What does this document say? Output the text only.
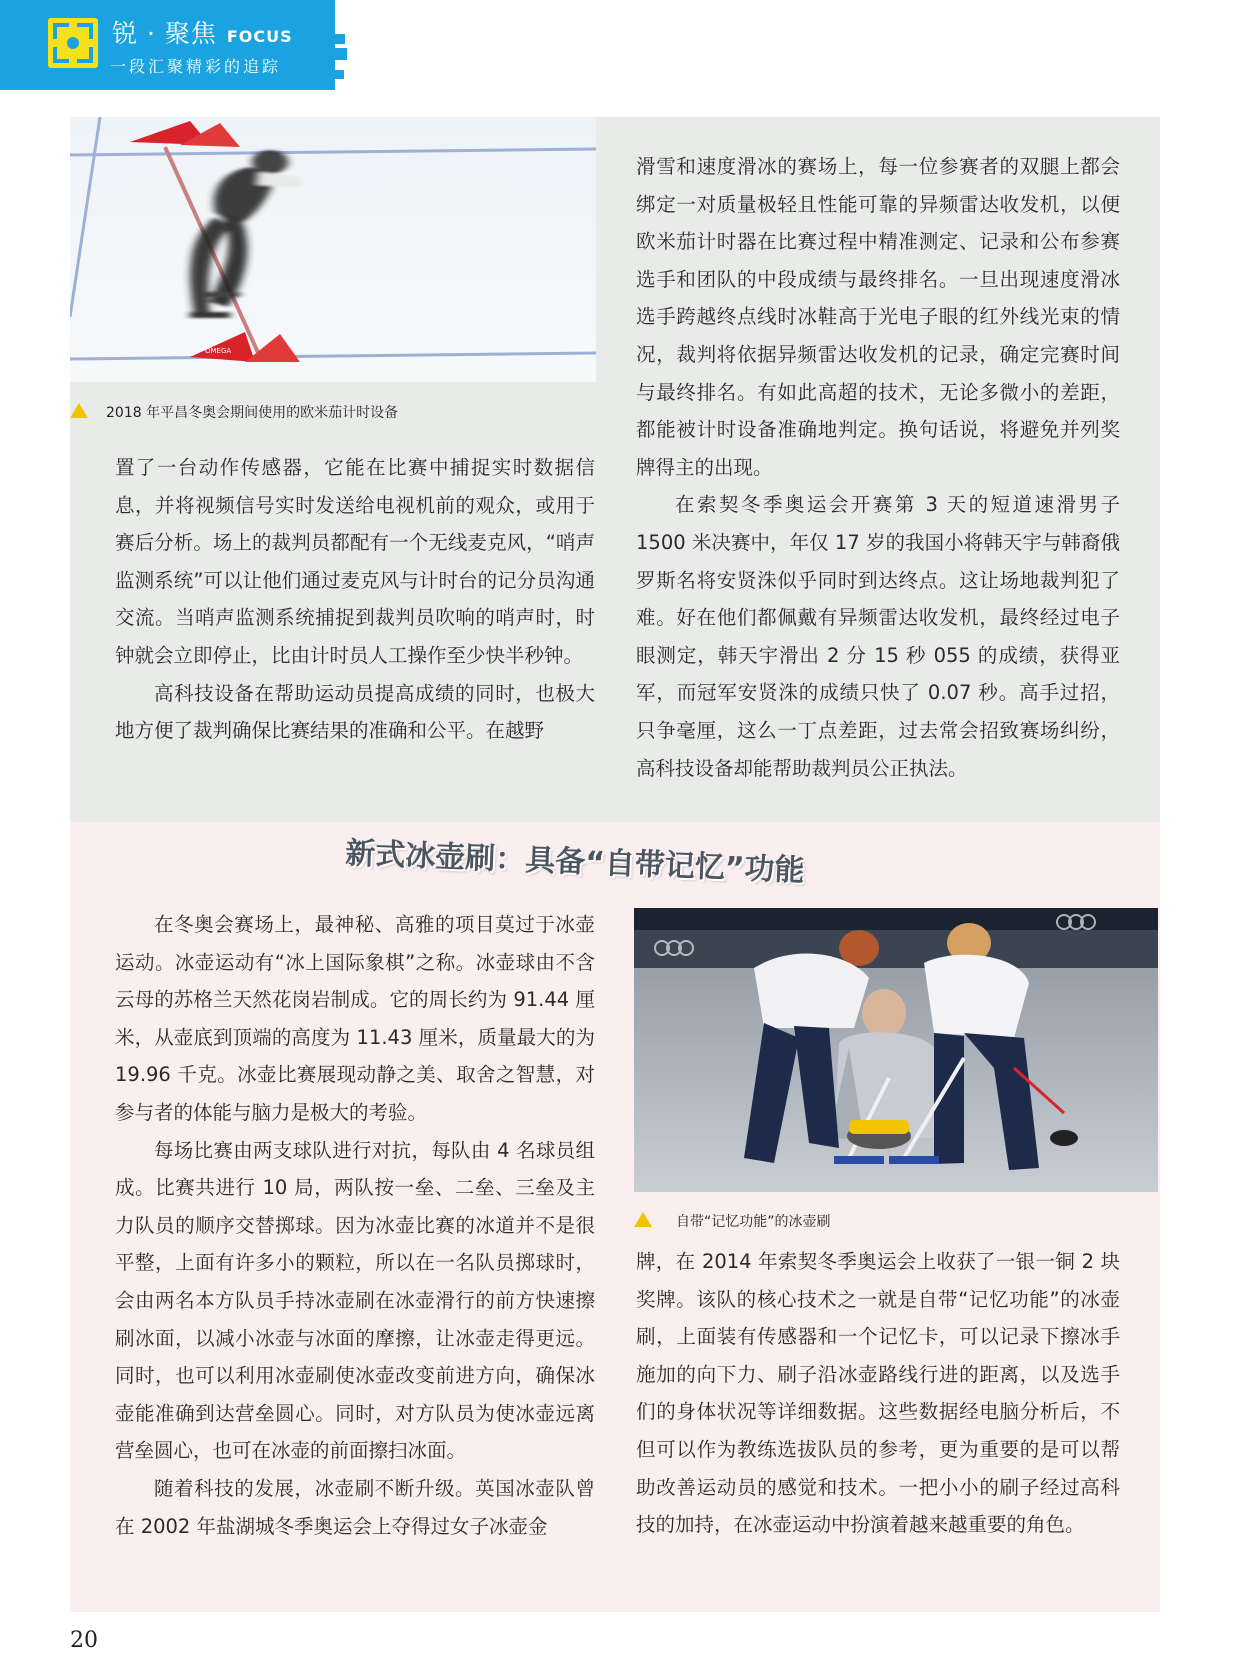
锐 · 聚焦 FOCUS
一段汇聚精彩的追踪
OMEGA
2018 年平昌冬奥会期间使用的欧米茄计时设备

置了一台动作传感器，它能在比赛中捕捉实时数据信息，并将视频信号实时发送给电视机前的观众，或用于赛后分析。场上的裁判员都配有一个无线麦克风，“哨声监测系统”可以让他们通过麦克风与计时台的记分员沟通交流。当哨声监测系统捕捉到裁判员吹响的哨声时，时钟就会立即停止，比由计时员人工操作至少快半秒钟。

高科技设备在帮助运动员提高成绩的同时，也极大地方便了裁判确保比赛结果的准确和公平。在越野

滑雪和速度滑冰的赛场上，每一位参赛者的双腿上都会绑定一对质量极轻且性能可靠的异频雷达收发机，以便欧米茄计时器在比赛过程中精准测定、记录和公布参赛选手和团队的中段成绩与最终排名。一旦出现速度滑冰选手跨越终点线时冰鞋高于光电子眼的红外线光束的情况，裁判将依据异频雷达收发机的记录，确定完赛时间与最终排名。有如此高超的技术，无论多微小的差距，都能被计时设备准确地判定。换句话说，将避免并列奖牌得主的出现。

在索契冬季奥运会开赛第 3 天的短道速滑男子 1500 米决赛中，年仅 17 岁的我国小将韩天宇与韩裔俄罗斯名将安贤洙似乎同时到达终点。这让场地裁判犯了难。好在他们都佩戴有异频雷达收发机，最终经过电子眼测定，韩天宇滑出 2 分 15 秒 055 的成绩，获得亚军，而冠军安贤洙的成绩只快了 0.07 秒。高手过招，只争毫厘，这么一丁点差距，过去常会招致赛场纠纷，高科技设备却能帮助裁判员公正执法。

新式冰壶刷：具备“自带记忆”功能
自带“记忆功能”的冰壶刷

在冬奥会赛场上，最神秘、高雅的项目莫过于冰壶运动。冰壶运动有“冰上国际象棋”之称。冰壶球由不含云母的苏格兰天然花岗岩制成。它的周长约为 91.44 厘米，从壶底到顶端的高度为 11.43 厘米，质量最大的为 19.96 千克。冰壶比赛展现动静之美、取舍之智慧，对参与者的体能与脑力是极大的考验。

每场比赛由两支球队进行对抗，每队由 4 名球员组成。比赛共进行 10 局，两队按一垒、二垒、三垒及主力队员的顺序交替掷球。因为冰壶比赛的冰道并不是很平整，上面有许多小的颗粒，所以在一名队员掷球时，会由两名本方队员手持冰壶刷在冰壶滑行的前方快速擦刷冰面，以减小冰壶与冰面的摩擦，让冰壶走得更远。同时，也可以利用冰壶刷使冰壶改变前进方向，确保冰壶能准确到达营垒圆心。同时，对方队员为使冰壶远离营垒圆心，也可在冰壶的前面擦扫冰面。

随着科技的发展，冰壶刷不断升级。英国冰壶队曾在 2002 年盐湖城冬季奥运会上夺得过女子冰壶金

牌，在 2014 年索契冬季奥运会上收获了一银一铜 2 块奖牌。该队的核心技术之一就是自带“记忆功能”的冰壶刷，上面装有传感器和一个记忆卡，可以记录下擦冰手施加的向下力、刷子沿冰壶路线行进的距离，以及选手们的身体状况等详细数据。这些数据经电脑分析后，不但可以作为教练选拔队员的参考，更为重要的是可以帮助改善运动员的感觉和技术。一把小小的刷子经过高科技的加持，在冰壶运动中扮演着越来越重要的角色。

20
